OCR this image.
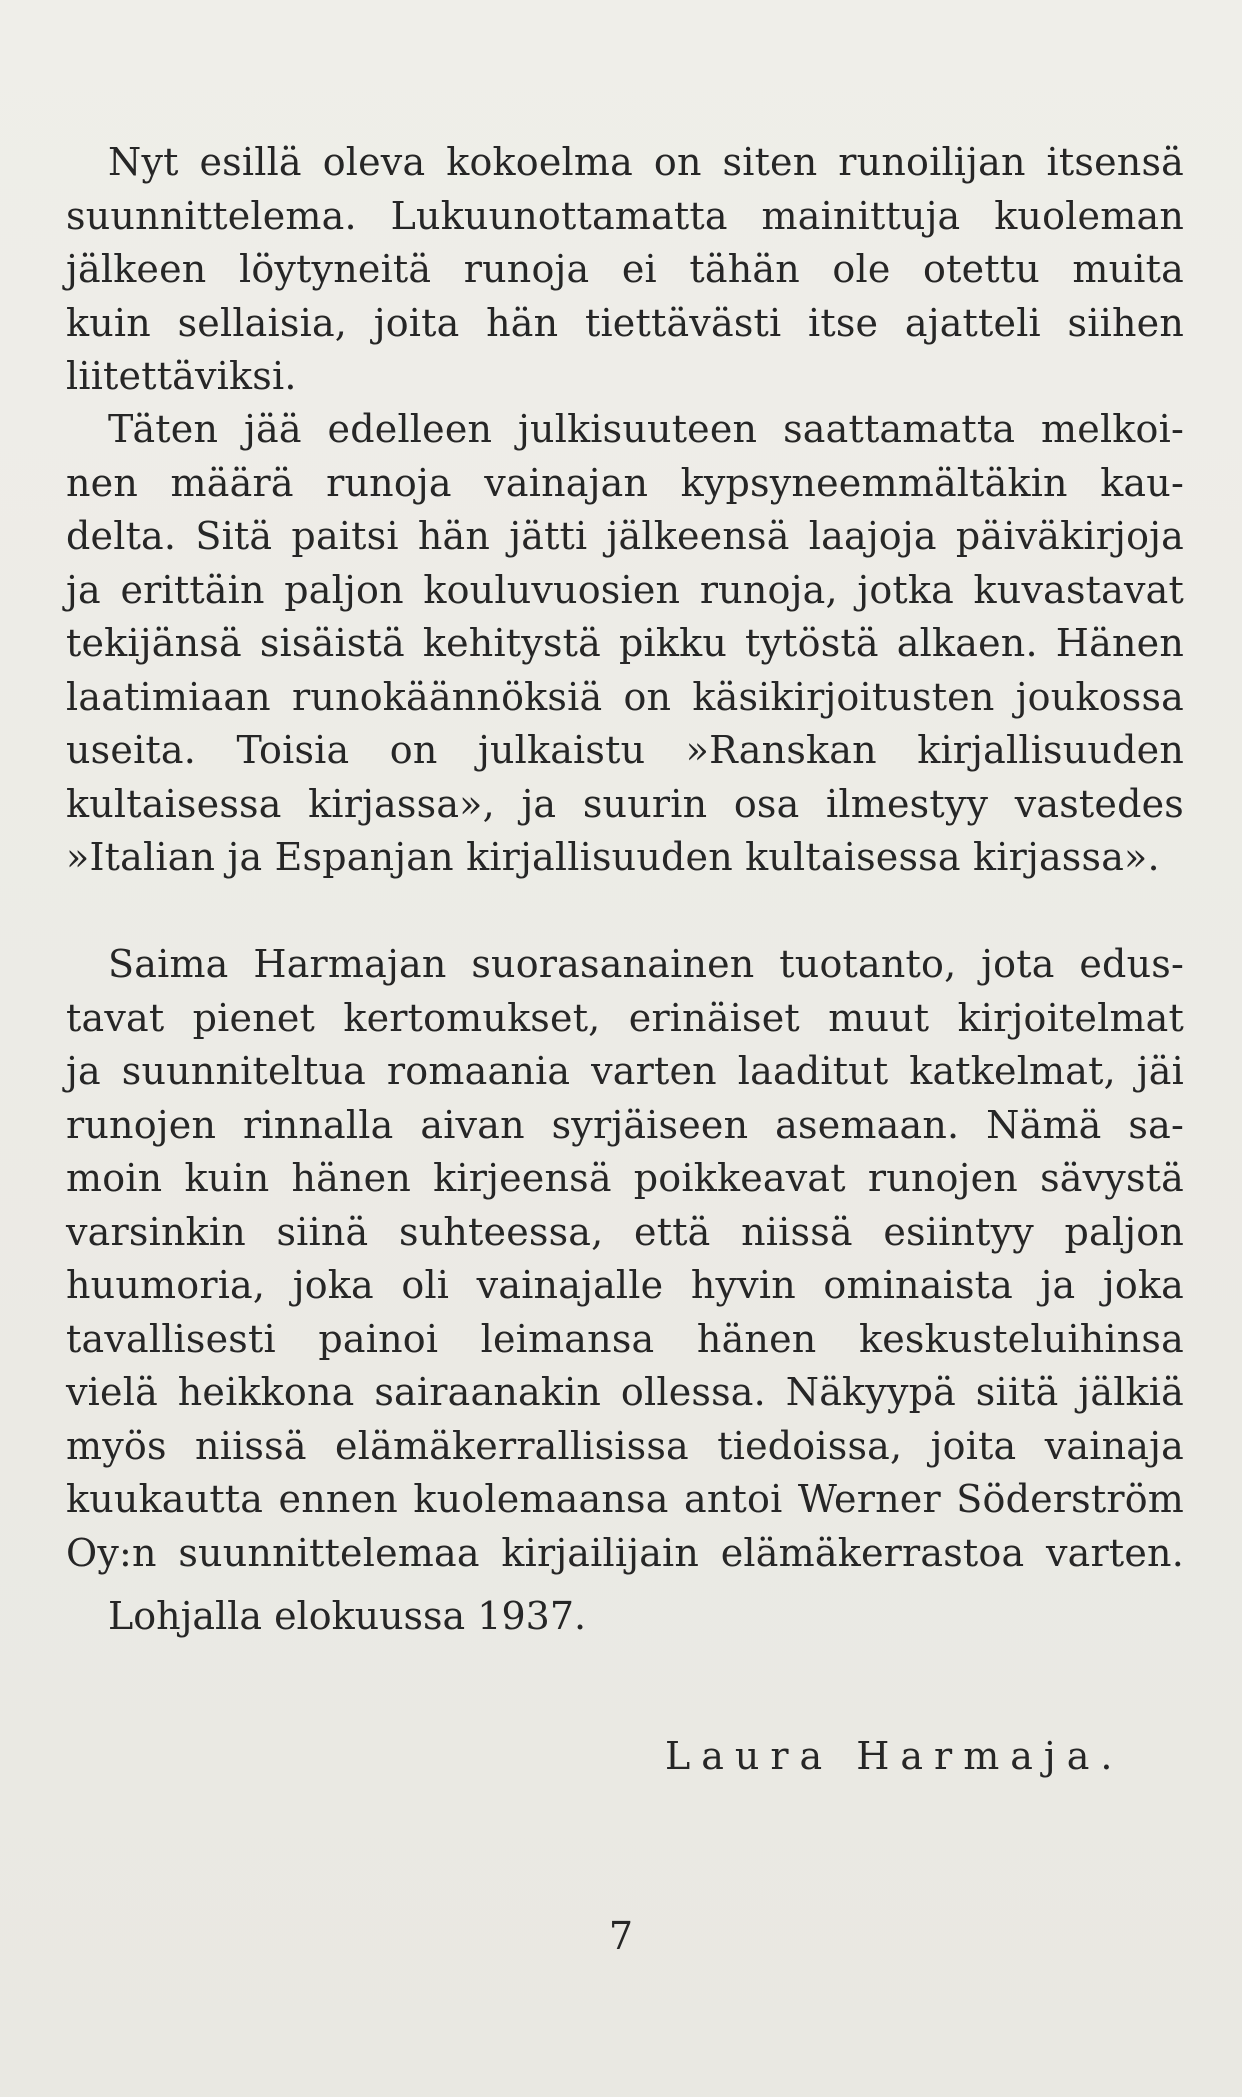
Nyt esillä oleva kokoelma on siten runoilijan itsensä
suunnittelema. Lukuunottamatta mainittuja kuoleman
jälkeen löytyneitä runoja ei tähän ole otettu muita
kuin sellaisia, joita hän tiettävästi itse ajatteli siihen
liitettäviksi.
Täten jää edelleen julkisuuteen saattamatta melkoi-
nen määrä runoja vainajan kypsyneemmältäkin kau-
delta. Sitä paitsi hän jätti jälkeensä laajoja päiväkirjoja
ja erittäin paljon kouluvuosien runoja, jotka kuvastavat
tekijänsä sisäistä kehitystä pikku tytöstä alkaen. Hänen
laatimiaan runokäännöksiä on käsikirjoitusten joukossa
useita. Toisia on julkaistu »Ranskan kirjallisuuden
kultaisessa kirjassa», ja suurin osa ilmestyy vastedes
»Italian ja Espanjan kirjallisuuden kultaisessa kirjassa».
Saima Harmajan suorasanainen tuotanto, jota edus-
tavat pienet kertomukset, erinäiset muut kirjoitelmat
ja suunniteltua romaania varten laaditut katkelmat, jäi
runojen rinnalla aivan syrjäiseen asemaan. Nämä sa-
moin kuin hänen kirjeensä poikkeavat runojen sävystä
varsinkin siinä suhteessa, että niissä esiintyy paljon
huumoria, joka oli vainajalle hyvin ominaista ja joka
tavallisesti painoi leimansa hänen keskusteluihinsa
vielä heikkona sairaanakin ollessa. Näkyypä siitä jälkiä
myös niissä elämäkerrallisissa tiedoissa, joita vainaja
kuukautta ennen kuolemaansa antoi Werner Söderström
Oy:n suunnittelemaa kirjailijain elämäkerrastoa varten.
Lohjalla elokuussa 1937.
Laura Harmaja.
7
